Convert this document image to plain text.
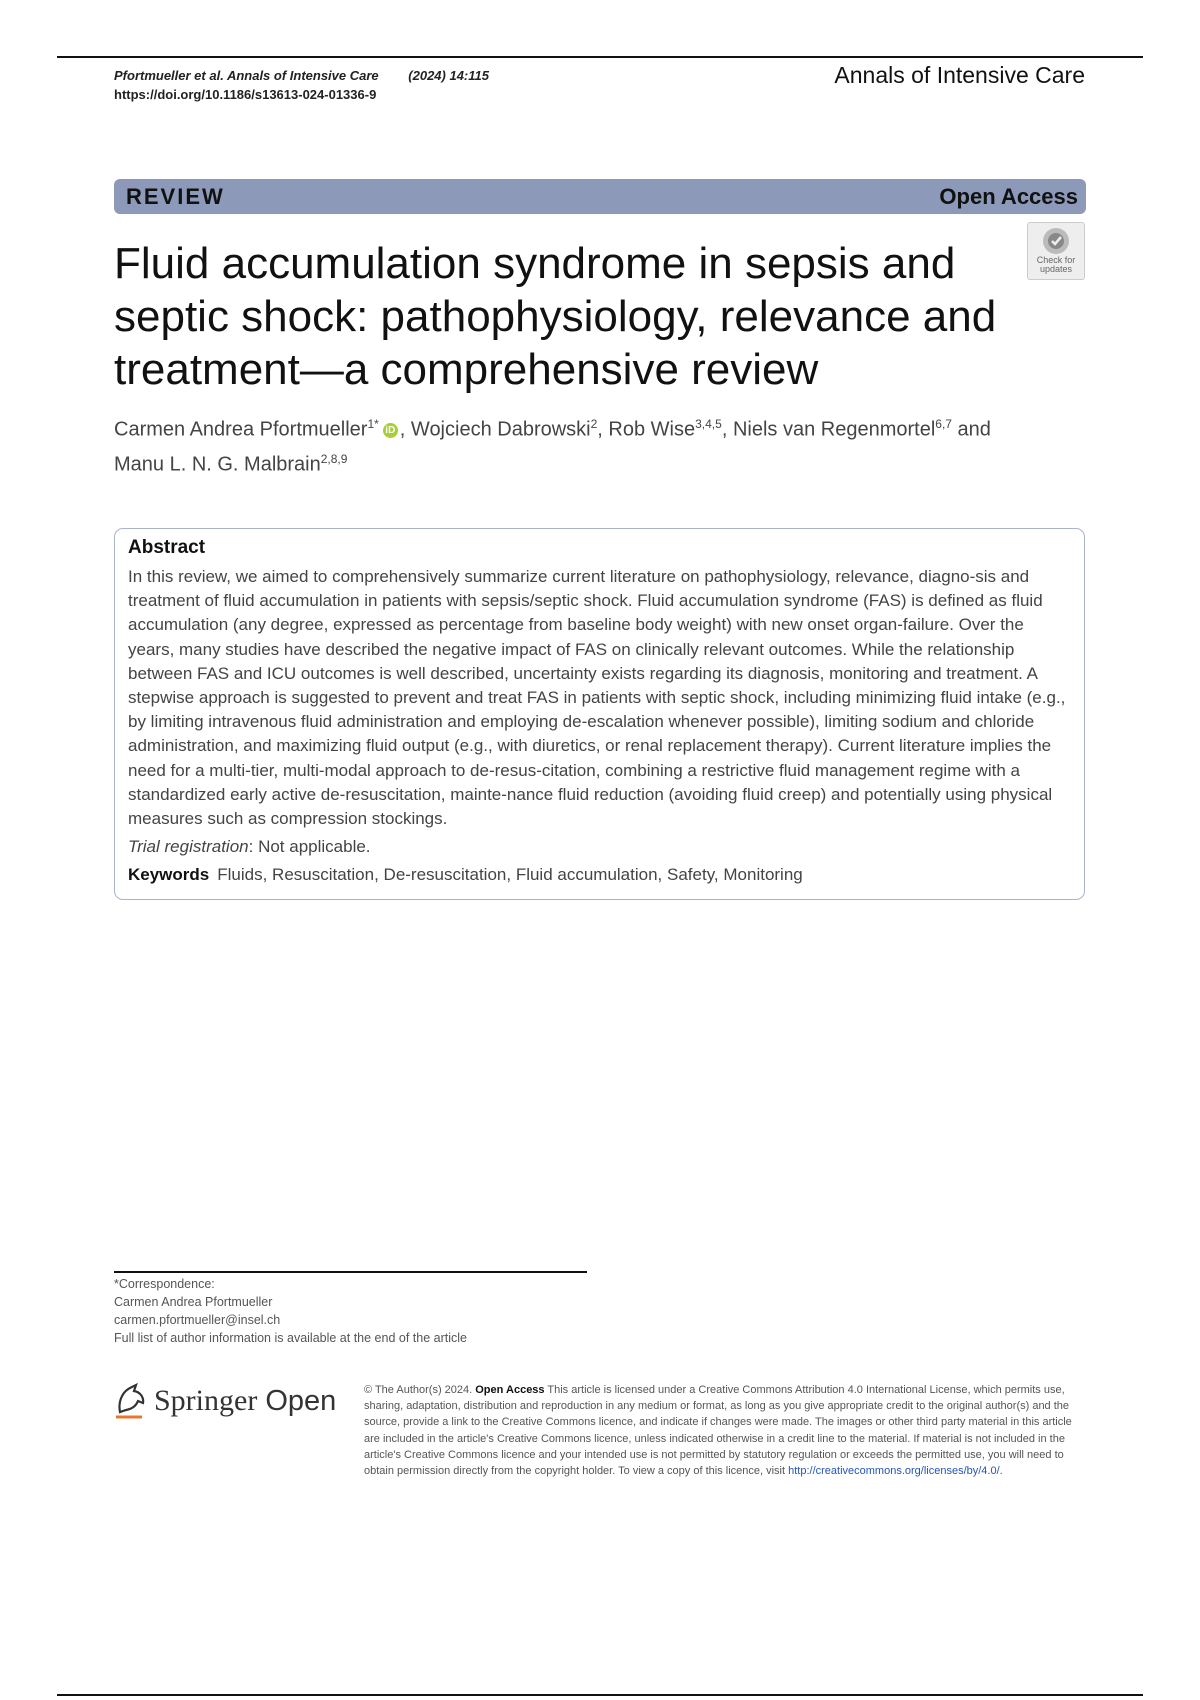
Pfortmueller et al. Annals of Intensive Care (2024) 14:115
https://doi.org/10.1186/s13613-024-01336-9
Annals of Intensive Care
REVIEW	Open Access
Check for
updates
Fluid accumulation syndrome in sepsis and septic shock: pathophysiology, relevance and treatment—a comprehensive review
Carmen Andrea Pfortmueller$^{1*}$ iD , Wojciech Dabrowski$^2$, Rob Wise$^{3,4,5}$, Niels van Regenmortel$^{6,7}$ and
Manu L. N. G. Malbrain$^{2,8,9}$
Abstract

In this review, we aimed to comprehensively summarize current literature on pathophysiology, relevance, diagno-sis and treatment of fluid accumulation in patients with sepsis/septic shock. Fluid accumulation syndrome (FAS) is defined as fluid accumulation (any degree, expressed as percentage from baseline body weight) with new onset organ-failure. Over the years, many studies have described the negative impact of FAS on clinically relevant outcomes. While the relationship between FAS and ICU outcomes is well described, uncertainty exists regarding its diagnosis, monitoring and treatment. A stepwise approach is suggested to prevent and treat FAS in patients with septic shock, including minimizing fluid intake (e.g., by limiting intravenous fluid administration and employing de-escalation whenever possible), limiting sodium and chloride administration, and maximizing fluid output (e.g., with diuretics, or renal replacement therapy). Current literature implies the need for a multi-tier, multi-modal approach to de-resus-citation, combining a restrictive fluid management regime with a standardized early active de-resuscitation, mainte-nance fluid reduction (avoiding fluid creep) and potentially using physical measures such as compression stockings.

Trial registration: Not applicable.

Keywords Fluids, Resuscitation, De-resuscitation, Fluid accumulation, Safety, Monitoring

*Correspondence:
Carmen Andrea Pfortmueller
carmen.pfortmueller@insel.ch
Full list of author information is available at the end of the article
Springer Open	© The Author(s) 2024. Open Access This article is licensed under a Creative Commons Attribution 4.0 International License, which permits use, sharing, adaptation, distribution and reproduction in any medium or format, as long as you give appropriate credit to the original author(s) and the source, provide a link to the Creative Commons licence, and indicate if changes were made. The images or other third party material in this article are included in the article's Creative Commons licence, unless indicated otherwise in a credit line to the material. If material is not included in the article's Creative Commons licence and your intended use is not permitted by statutory regulation or exceeds the permitted use, you will need to obtain permission directly from the copyright holder. To view a copy of this licence, visit http://creativecommons.org/licenses/by/4.0/.
